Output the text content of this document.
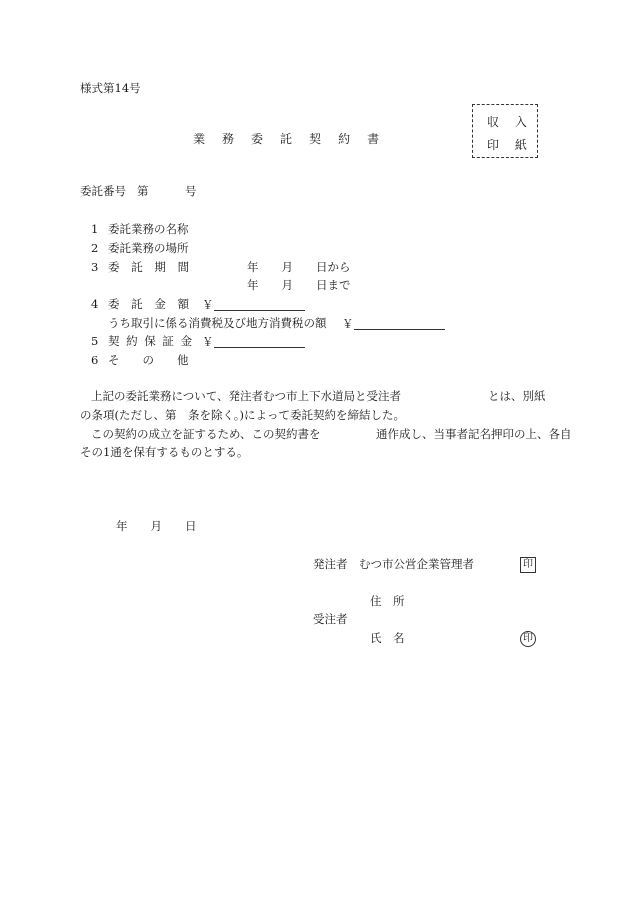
様式第14号
業 務 委 託 契 約 書
収 入
印 紙
委託番号 第	号
1 委託業務の名称
2 委託業務の場所
3 委 託 期 間	年　　月　　日から
年　　月　　日まで
4 委 託 金 額 ￥
うち取引に係る消費税及び地方消費税の額 ￥
5 契 約 保 証 金 ￥
6 そ　　の　　他
上記の委託業務について、発注者むつ市上下水道局と受注者	とは、別紙
の条項(ただし、第　条を除く。)によって委託契約を締結した。
この契約の成立を証するため、この契約書を	通作成し、当事者記名押印の上、各自
その1通を保有するものとする。
年　　月　　日
発注者 むつ市公営企業管理者	印
住　所
受注者
氏　名	印
